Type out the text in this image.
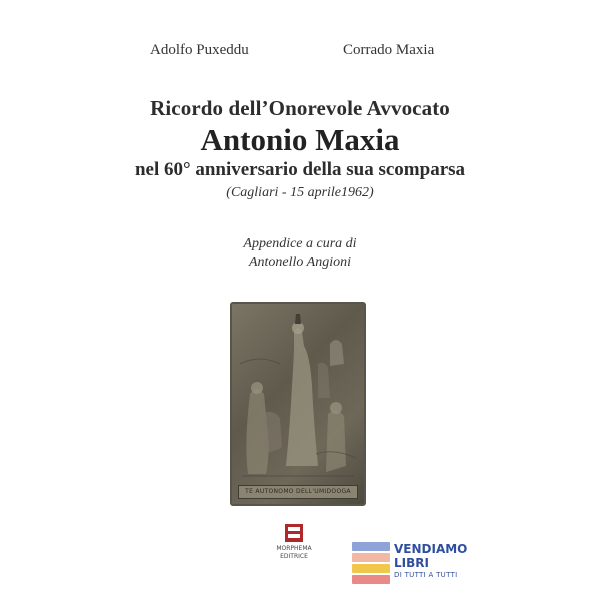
Adolfo Puxeddu	Corrado Maxia
Ricordo dell’Onorevole Avvocato
Antonio Maxia
nel 60° anniversario della sua scomparsa
(Cagliari - 15 aprile1962)
Appendice a cura di
Antonello Angioni
TE AUTONOMO DELL'UMIDOOGA
MORPHEMA
EDITRICE
VENDIAMO
LIBRI
DI TUTTI A TUTTI
